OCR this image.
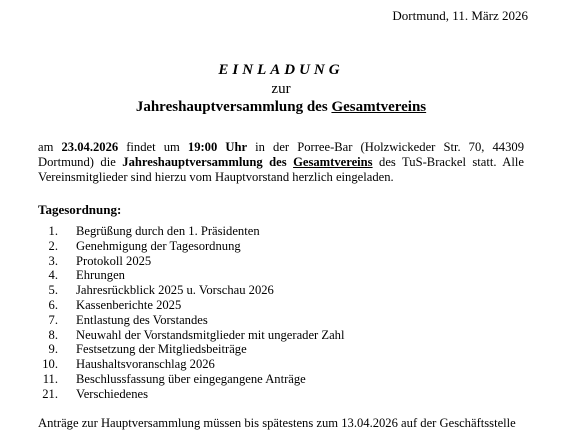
Dortmund, 11. März 2026
EINLADUNG
zur
Jahreshauptversammlung des Gesamtvereins
am 23.04.2026 findet um 19:00 Uhr in der Porree-Bar (Holzwickeder Str. 70, 44309
Dortmund) die Jahreshauptversammlung des Gesamtvereins des TuS-Brackel statt. Alle
Vereinsmitglieder sind hierzu vom Hauptvorstand herzlich eingeladen.
Tagesordnung:
1. Begrüßung durch den 1. Präsidenten
2. Genehmigung der Tagesordnung
3. Protokoll 2025
4. Ehrungen
5. Jahresrückblick 2025 u. Vorschau 2026
6. Kassenberichte 2025
7. Entlastung des Vorstandes
8. Neuwahl der Vorstandsmitglieder mit ungerader Zahl
9. Festsetzung der Mitgliedsbeiträge
10. Haushaltsvoranschlag 2026
11. Beschlussfassung über eingegangene Anträge
21. Verschiedenes
Anträge zur Hauptversammlung müssen bis spätestens zum 13.04.2026 auf der Geschäftsstelle
